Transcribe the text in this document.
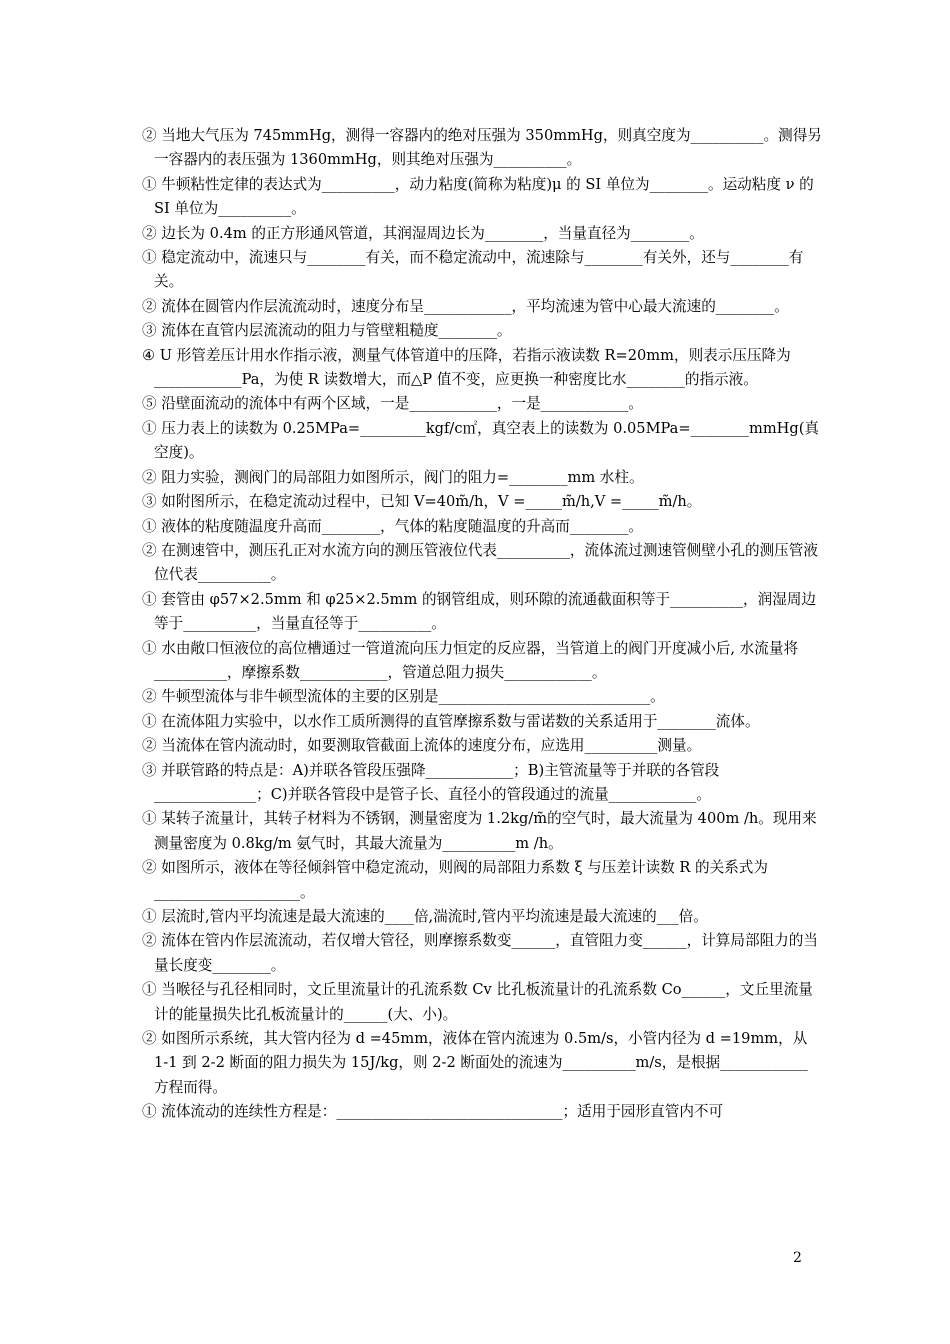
② 当地大气压为 745mmHg，测得一容器内的绝对压强为 350mmHg，则真空度为__________。测得另一容器内的表压强为 1360mmHg，则其绝对压强为__________。
① 牛顿粘性定律的表达式为__________，动力粘度(简称为粘度)μ 的 SI 单位为________。运动粘度 ν 的 SI 单位为__________。
② 边长为 0.4m 的正方形通风管道，其润湿周边长为________，当量直径为________。
① 稳定流动中，流速只与________有关，而不稳定流动中，流速除与________有关外，还与________有关。
② 流体在圆管内作层流流动时，速度分布呈____________，平均流速为管中心最大流速的________。
③ 流体在直管内层流流动的阻力与管壁粗糙度________。
④ U 形管差压计用水作指示液，测量气体管道中的压降，若指示液读数 R=20mm，则表示压压降为____________Pa，为使 R 读数增大，而△P 值不变，应更换一种密度比水________的指示液。
⑤ 沿壁面流动的流体中有两个区域，一是____________，一是____________。
① 压力表上的读数为 0.25MPa=_________kgf/c㎡，真空表上的读数为 0.05MPa=________mmHg(真空度)。
② 阻力实验，测阀门的局部阻力如图所示，阀门的阻力=________mm 水柱。
③ 如附图所示，在稳定流动过程中，已知 V=40m̃/h，V =_____m̃/h,V =_____m̃/h。
① 液体的粘度随温度升高而________，气体的粘度随温度的升高而________。
② 在测速管中，测压孔正对水流方向的测压管液位代表__________，流体流过测速管侧壁小孔的测压管液位代表__________。
① 套管由 φ57×2.5mm 和 φ25×2.5mm 的钢管组成，则环隙的流通截面积等于__________，润湿周边等于__________，当量直径等于__________。
① 水由敞口恒液位的高位槽通过一管道流向压力恒定的反应器，当管道上的阀门开度减小后, 水流量将__________，摩擦系数____________，管道总阻力损失____________。
② 牛顿型流体与非牛顿型流体的主要的区别是_____________________________。
① 在流体阻力实验中，以水作工质所测得的直管摩擦系数与雷诺数的关系适用于________流体。
② 当流体在管内流动时，如要测取管截面上流体的速度分布，应选用__________测量。
③ 并联管路的特点是：A)并联各管段压强降____________；B)主管流量等于并联的各管段______________；C)并联各管段中是管子长、直径小的管段通过的流量____________。
① 某转子流量计，其转子材料为不锈钢，测量密度为 1.2kg/m̃的空气时，最大流量为 400m /h。现用来测量密度为 0.8kg/m 氨气时，其最大流量为__________m /h。
② 如图所示，液体在等径倾斜管中稳定流动，则阀的局部阻力系数 ξ 与压差计读数 R 的关系式为____________________。
① 层流时,管内平均流速是最大流速的____倍,湍流时,管内平均流速是最大流速的___倍。
② 流体在管内作层流流动，若仅增大管径，则摩擦系数变______，直管阻力变______，计算局部阻力的当量长度变________。
① 当喉径与孔径相同时，文丘里流量计的孔流系数 Cv 比孔板流量计的孔流系数 Co______，文丘里流量计的能量损失比孔板流量计的______(大、小)。
② 如图所示系统，其大管内径为 d =45mm，液体在管内流速为 0.5m/s，小管内径为 d =19mm，从 1-1 到 2-2 断面的阻力损失为 15J/kg，则 2-2 断面处的流速为__________m/s，是根据____________方程而得。
① 流体流动的连续性方程是：_______________________________；适用于园形直管内不可
2
